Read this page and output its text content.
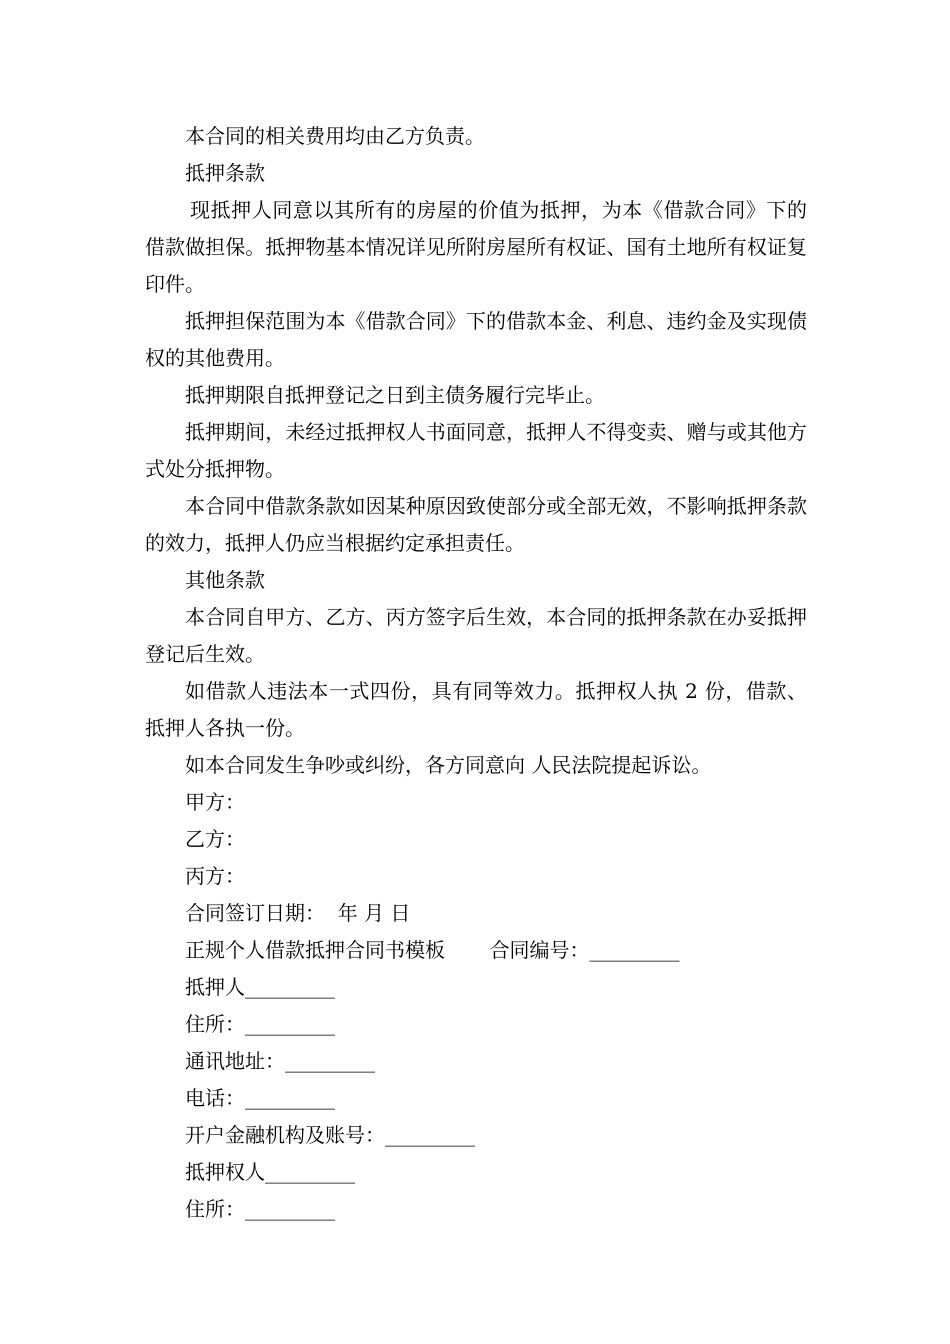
本合同的相关费用均由乙方负责。

抵押条款

现抵押人同意以其所有的房屋的价值为抵押，为本《借款合同》下的借款做担保。抵押物基本情况详见所附房屋所有权证、国有土地所有权证复印件。

抵押担保范围为本《借款合同》下的借款本金、利息、违约金及实现债权的其他费用。

抵押期限自抵押登记之日到主债务履行完毕止。

抵押期间，未经过抵押权人书面同意，抵押人不得变卖、赠与或其他方式处分抵押物。

本合同中借款条款如因某种原因致使部分或全部无效，不影响抵押条款的效力，抵押人仍应当根据约定承担责任。

其他条款

本合同自甲方、乙方、丙方签字后生效，本合同的抵押条款在办妥抵押登记后生效。

如借款人违法本一式四份，具有同等效力。抵押权人执 2 份，借款、抵押人各执一份。

如本合同发生争吵或纠纷，各方同意向 人民法院提起诉讼。

甲方：

乙方：

丙方：

合同签订日期：  年 月 日

正规个人借款抵押合同书模板       合同编号：_________

抵押人_________

住所：_________

通讯地址：_________

电话：_________

开户金融机构及账号：_________

抵押权人_________

住所：_________
